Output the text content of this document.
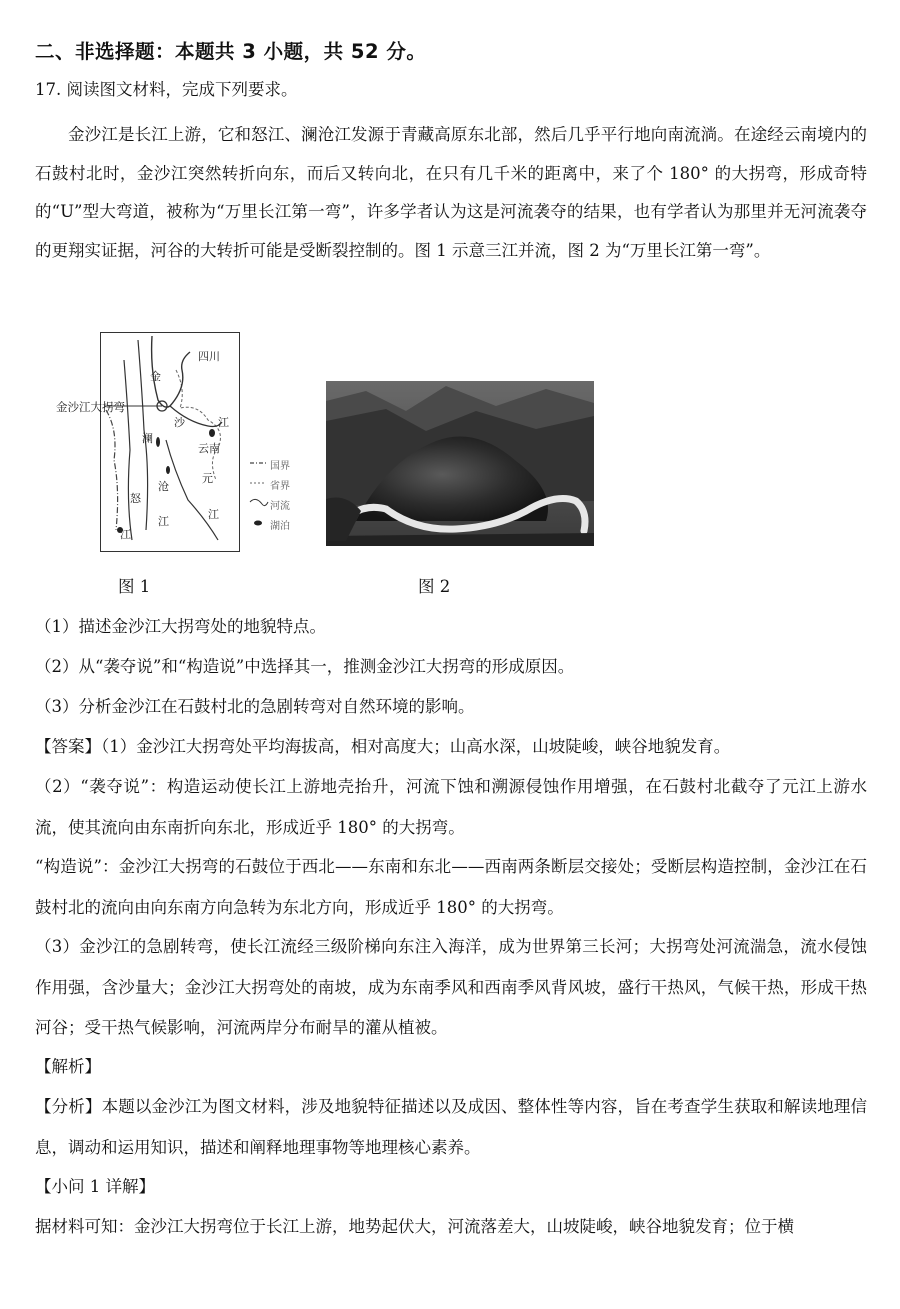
二、非选择题：本题共 3 小题，共 52 分。
17. 阅读图文材料，完成下列要求。
金沙江是长江上游，它和怒江、澜沧江发源于青藏高原东北部，然后几乎平行地向南流淌。在途经云南境内的石鼓村北时，金沙江突然转折向东，而后又转向北，在只有几千米的距离中，来了个 180° 的大拐弯，形成奇特的“U”型大弯道，被称为“万里长江第一弯”，许多学者认为这是河流袭夺的结果，也有学者认为那里并无河流袭夺的更翔实证据，河谷的大转折可能是受断裂控制的。图 1 示意三江并流，图 2 为“万里长江第一弯”。
金沙江大拐弯
四川
金
沙	江
澜
沧
江
怒
江
云南
元
江
国界
省界
河流
湖泊
图 1	图 2
（1）描述金沙江大拐弯处的地貌特点。
（2）从“袭夺说”和“构造说”中选择其一，推测金沙江大拐弯的形成原因。
（3）分析金沙江在石鼓村北的急剧转弯对自然环境的影响。
【答案】（1）金沙江大拐弯处平均海拔高，相对高度大；山高水深，山坡陡峻，峡谷地貌发育。
（2）“袭夺说”：构造运动使长江上游地壳抬升，河流下蚀和溯源侵蚀作用增强，在石鼓村北截夺了元江上游水流，使其流向由东南折向东北，形成近乎 180° 的大拐弯。
“构造说”：金沙江大拐弯的石鼓位于西北——东南和东北——西南两条断层交接处；受断层构造控制，金沙江在石鼓村北的流向由向东南方向急转为东北方向，形成近乎 180° 的大拐弯。
（3）金沙江的急剧转弯，使长江流经三级阶梯向东注入海洋，成为世界第三长河；大拐弯处河流湍急，流水侵蚀作用强，含沙量大；金沙江大拐弯处的南坡，成为东南季风和西南季风背风坡，盛行干热风，气候干热，形成干热河谷；受干热气候影响，河流两岸分布耐旱的灌从植被。
【解析】
【分析】本题以金沙江为图文材料，涉及地貌特征描述以及成因、整体性等内容，旨在考查学生获取和解读地理信息，调动和运用知识，描述和阐释地理事物等地理核心素养。
【小问 1 详解】
据材料可知：金沙江大拐弯位于长江上游，地势起伏大，河流落差大，山坡陡峻，峡谷地貌发育；位于横
